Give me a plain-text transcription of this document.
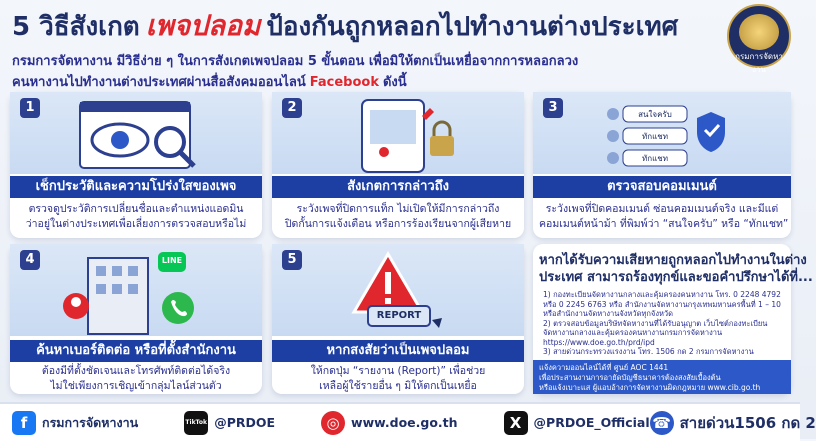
5 วิธีสังเกต เพจปลอม ป้องกันถูกหลอกไปทำงานต่างประเทศ
กรมการจัดหางาน มีวิธีง่าย ๆ ในการสังเกตเพจปลอม 5 ขั้นตอน เพื่อมิให้ตกเป็นเหยื่อจากการหลอกลวง
คนหางานไปทำงานต่างประเทศผ่านสื่อสังคมออนไลน์ Facebook ดังนี้
กรมการจัดหางาน
1
เช็กประวัติและความโปร่งใสของเพจ
ตรวจดูประวัติการเปลี่ยนชื่อและตำแหน่งแอดมิน
ว่าอยู่ในต่างประเทศเพื่อเลี่ยงการตรวจสอบหรือไม่
2
สังเกตการกล่าวถึง
ระวังเพจที่ปิดการแท็ก ไม่เปิดให้มีการกล่าวถึง
ปิดกั้นการแจ้งเตือน หรือการร้องเรียนจากผู้เสียหาย
สนใจครับ
ทักแชท
ทักแชท
3
ตรวจสอบคอมเมนต์
ระวังเพจที่ปิดคอมเมนต์ ซ่อนคอมเมนต์จริง และมีแต่
คอมเมนต์หน้าม้า ที่พิมพ์ว่า “สนใจครับ” หรือ “ทักแชท”
LINE
4
ค้นหาเบอร์ติดต่อ หรือที่ตั้งสำนักงาน
ต้องมีที่ตั้งชัดเจนและโทรศัพท์ติดต่อได้จริง
ไม่ใช่เพียงการเชิญเข้ากลุ่มไลน์ส่วนตัว
REPORT
5
หากสงสัยว่าเป็นเพจปลอม
ให้กดปุ่ม “รายงาน (Report)” เพื่อช่วย
เหลือผู้ใช้รายอื่น ๆ มิให้ตกเป็นเหยื่อ
หากได้รับความเสียหายถูกหลอกไปทำงานในต่าง
ประเทศ สามารถร้องทุกข์และขอคำปรึกษาได้ที่...
1) กองทะเบียนจัดหางานกลางและคุ้มครองคนหางาน โทร. 0 2248 4792
หรือ 0 2245 6763 หรือ สำนักงานจัดหางานกรุงเทพมหานครพื้นที่ 1 – 10
หรือสำนักงานจัดหางานจังหวัดทุกจังหวัด
2) ตรวจสอบข้อมูลบริษัทจัดหางานที่ได้รับอนุญาต เว็บไซต์กองทะเบียน
จัดหางานกลางและคุ้มครองคนหางานกรมการจัดหางาน
https://www.doe.go.th/prd/ipd
3) สายด่วนกระทรวงแรงงาน โทร. 1506 กด 2 กรมการจัดหางาน
แจ้งความออนไลน์ได้ที่ ศูนย์ AOC 1441
เพื่อประสานงานการอายัดบัญชีธนาคารต้องสงสัยเบื้องต้น
หรือแจ้งเบาะแส ผู้แอบอ้างการจัดหางานผิดกฎหมาย www.cib.go.th
f	กรมการจัดหางาน	TikTok @PRDOE	◎ www.doe.go.th	X @PRDOE_Official ☎ สายด่วน1506 กด 2
